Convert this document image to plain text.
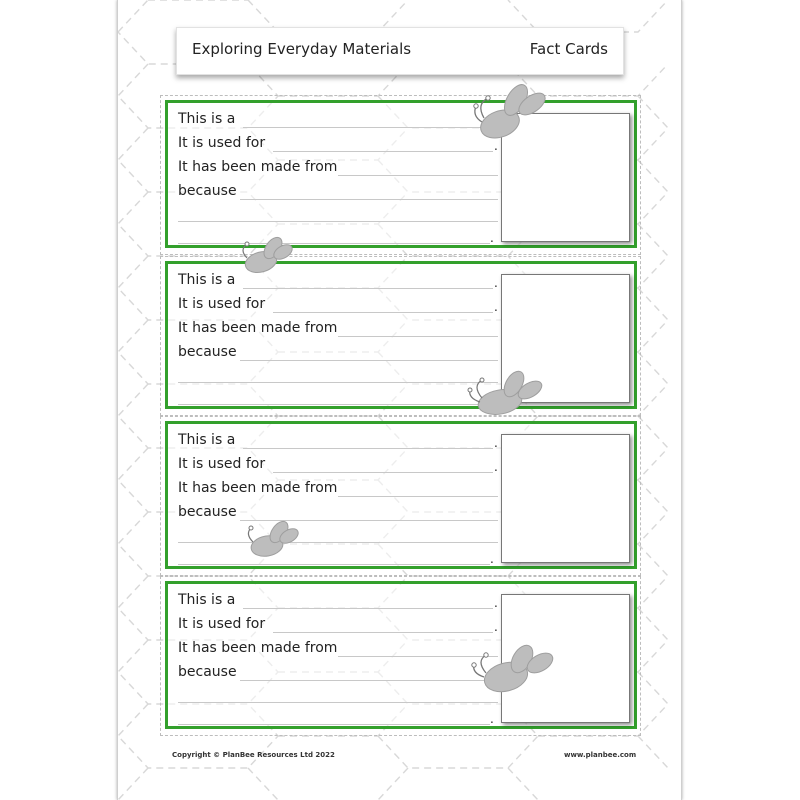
Exploring Everyday Materials	Fact Cards
This is a
It is used for	.
It has been made from
because
.
This is a	.
It is used for	.
It has been made from
because
This is a	.
It is used for	.
It has been made from
because
.
This is a	.
It is used for	.
It has been made from
because
.
Copyright © PlanBee Resources Ltd 2022	www.planbee.com
